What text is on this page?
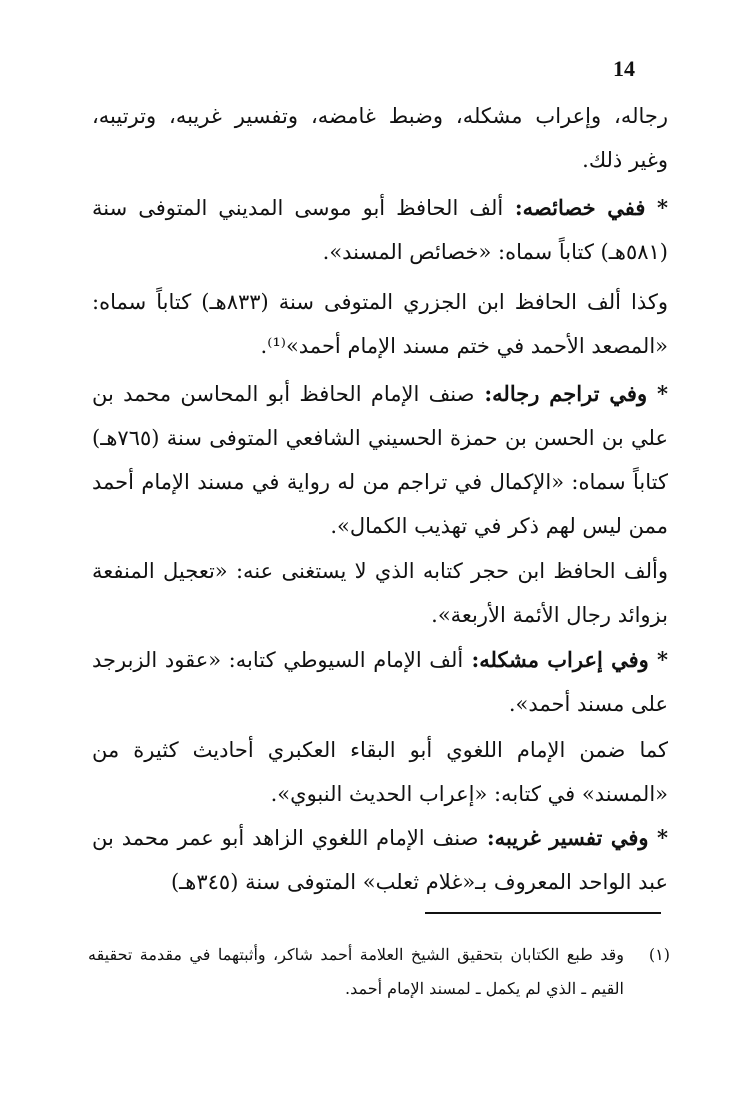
14
رجاله، وإعراب مشكله، وضبط غامضه، وتفسير غريبه، وترتيبه، وغير ذلك.
* ففي خصائصه: ألف الحافظ أبو موسى المديني المتوفى سنة (٥٨١هـ) كتاباً سماه: «خصائص المسند».
وكذا ألف الحافظ ابن الجزري المتوفى سنة (٨٣٣هـ) كتاباً سماه: «المصعد الأحمد في ختم مسند الإمام أحمد»⁽¹⁾.
* وفي تراجم رجاله: صنف الإمام الحافظ أبو المحاسن محمد بن علي بن الحسن بن حمزة الحسيني الشافعي المتوفى سنة (٧٦٥هـ) كتاباً سماه: «الإكمال في تراجم من له رواية في مسند الإمام أحمد ممن ليس لهم ذكر في تهذيب الكمال».
وألف الحافظ ابن حجر كتابه الذي لا يستغنى عنه: «تعجيل المنفعة بزوائد رجال الأئمة الأربعة».
* وفي إعراب مشكله: ألف الإمام السيوطي كتابه: «عقود الزبرجد على مسند أحمد».
كما ضمن الإمام اللغوي أبو البقاء العكبري أحاديث كثيرة من «المسند» في كتابه: «إعراب الحديث النبوي».
* وفي تفسير غريبه: صنف الإمام اللغوي الزاهد أبو عمر محمد بن عبد الواحد المعروف بـ«غلام ثعلب» المتوفى سنة (٣٤٥هـ)
(١)
وقد طبع الكتابان بتحقيق الشيخ العلامة أحمد شاكر، وأثبتهما في مقدمة تحقيقه القيم ـ الذي لم يكمل ـ لمسند الإمام أحمد.
